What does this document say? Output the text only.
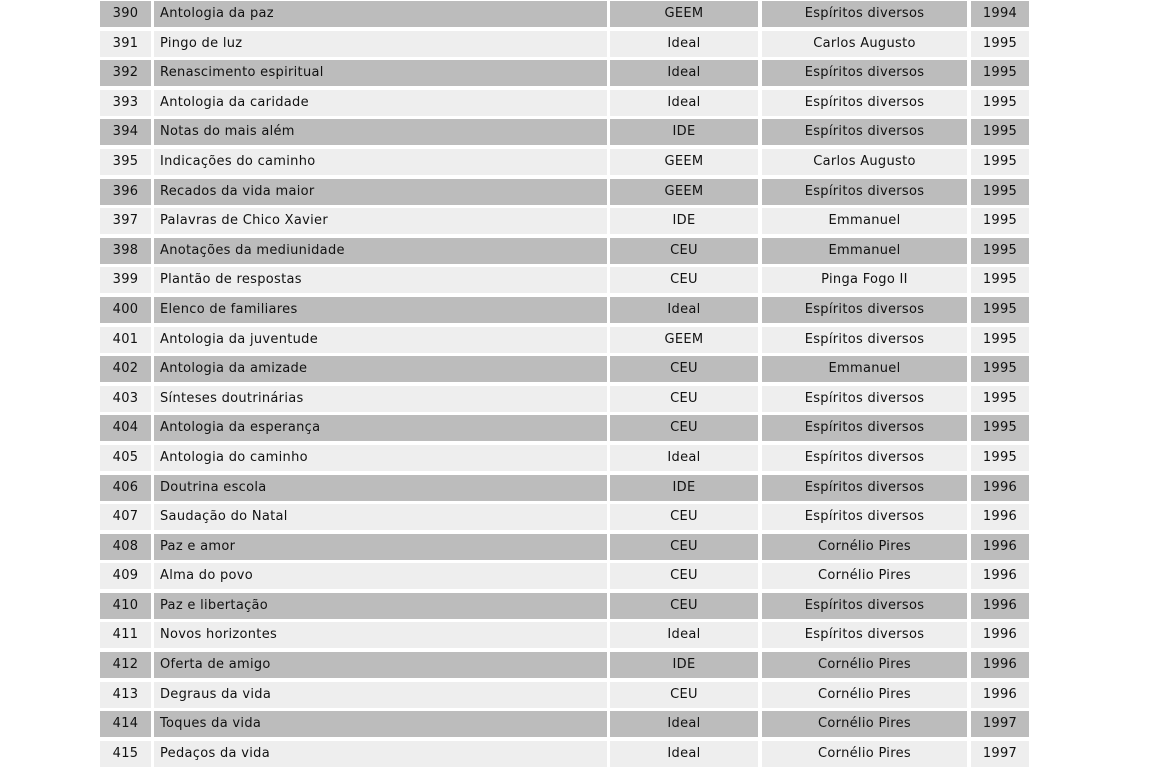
390	Antologia da paz	GEEM	Espíritos diversos	1994
391	Pingo de luz	Ideal	Carlos Augusto	1995
392	Renascimento espiritual	Ideal	Espíritos diversos	1995
393	Antologia da caridade	Ideal	Espíritos diversos	1995
394	Notas do mais além	IDE	Espíritos diversos	1995
395	Indicações do caminho	GEEM	Carlos Augusto	1995
396	Recados da vida maior	GEEM	Espíritos diversos	1995
397	Palavras de Chico Xavier	IDE	Emmanuel	1995
398	Anotações da mediunidade	CEU	Emmanuel	1995
399	Plantão de respostas	CEU	Pinga Fogo II	1995
400	Elenco de familiares	Ideal	Espíritos diversos	1995
401	Antologia da juventude	GEEM	Espíritos diversos	1995
402	Antologia da amizade	CEU	Emmanuel	1995
403	Sínteses doutrinárias	CEU	Espíritos diversos	1995
404	Antologia da esperança	CEU	Espíritos diversos	1995
405	Antologia do caminho	Ideal	Espíritos diversos	1995
406	Doutrina escola	IDE	Espíritos diversos	1996
407	Saudação do Natal	CEU	Espíritos diversos	1996
408	Paz e amor	CEU	Cornélio Pires	1996
409	Alma do povo	CEU	Cornélio Pires	1996
410	Paz e libertação	CEU	Espíritos diversos	1996
411	Novos horizontes	Ideal	Espíritos diversos	1996
412	Oferta de amigo	IDE	Cornélio Pires	1996
413	Degraus da vida	CEU	Cornélio Pires	1996
414	Toques da vida	Ideal	Cornélio Pires	1997
415	Pedaços da vida	Ideal	Cornélio Pires	1997
